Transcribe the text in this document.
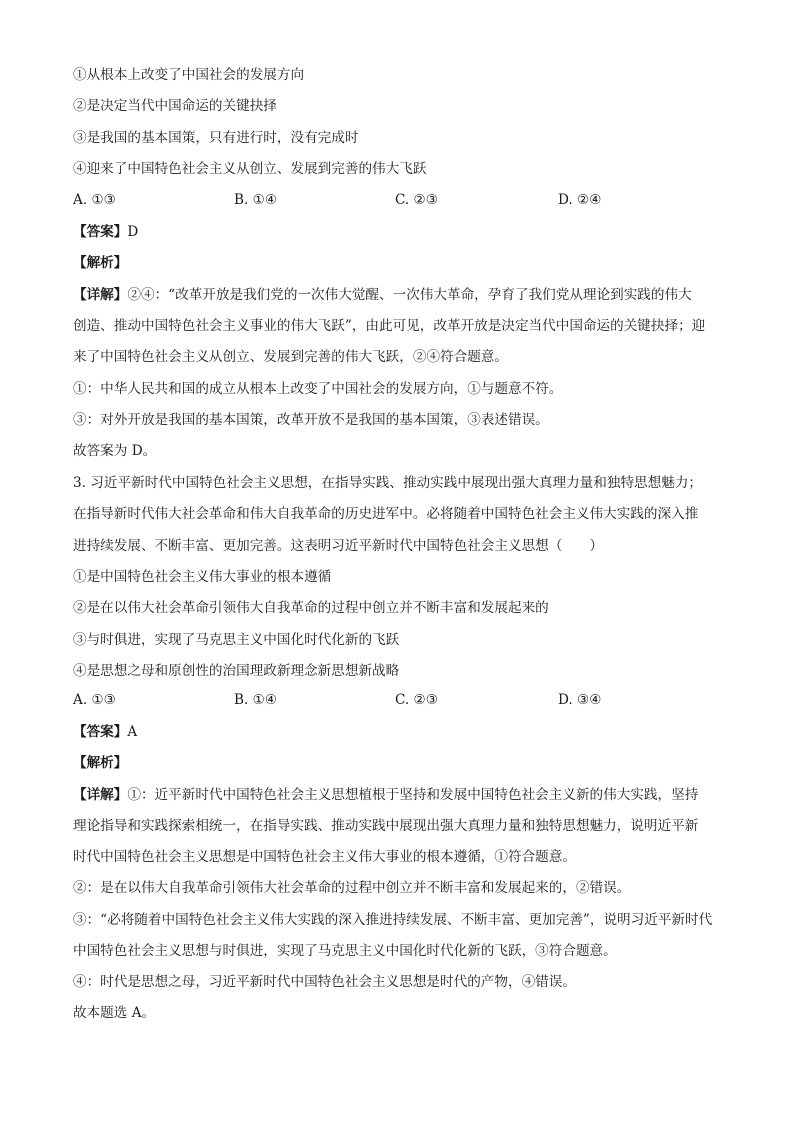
①从根本上改变了中国社会的发展方向
②是决定当代中国命运的关键抉择
③是我国的基本国策，只有进行时，没有完成时
④迎来了中国特色社会主义从创立、发展到完善的伟大飞跃
A. ①③	B. ①④	C. ②③	D. ②④
【答案】D
【解析】
【详解】②④：“改革开放是我们党的一次伟大觉醒、一次伟大革命，孕育了我们党从理论到实践的伟大
创造、推动中国特色社会主义事业的伟大飞跃”，由此可见，改革开放是决定当代中国命运的关键抉择；迎
来了中国特色社会主义从创立、发展到完善的伟大飞跃，②④符合题意。
①：中华人民共和国的成立从根本上改变了中国社会的发展方向，①与题意不符。
③：对外开放是我国的基本国策，改革开放不是我国的基本国策，③表述错误。
故答案为 D。
3. 习近平新时代中国特色社会主义思想，在指导实践、推动实践中展现出强大真理力量和独特思想魅力；
在指导新时代伟大社会革命和伟大自我革命的历史进军中。必将随着中国特色社会主义伟大实践的深入推
进持续发展、不断丰富、更加完善。这表明习近平新时代中国特色社会主义思想（　　）
①是中国特色社会主义伟大事业的根本遵循
②是在以伟大社会革命引领伟大自我革命的过程中创立并不断丰富和发展起来的
③与时俱进，实现了马克思主义中国化时代化新的飞跃
④是思想之母和原创性的治国理政新理念新思想新战略
A. ①③	B. ①④	C. ②③	D. ③④
【答案】A
【解析】
【详解】①：近平新时代中国特色社会主义思想植根于坚持和发展中国特色社会主义新的伟大实践，坚持
理论指导和实践探索相统一，在指导实践、推动实践中展现出强大真理力量和独特思想魅力，说明近平新
时代中国特色社会主义思想是中国特色社会主义伟大事业的根本遵循，①符合题意。
②：是在以伟大自我革命引领伟大社会革命的过程中创立并不断丰富和发展起来的，②错误。
③：“必将随着中国特色社会主义伟大实践的深入推进持续发展、不断丰富、更加完善”，说明习近平新时代
中国特色社会主义思想与时俱进，实现了马克思主义中国化时代化新的飞跃，③符合题意。
④：时代是思想之母，习近平新时代中国特色社会主义思想是时代的产物，④错误。
故本题选 A。
